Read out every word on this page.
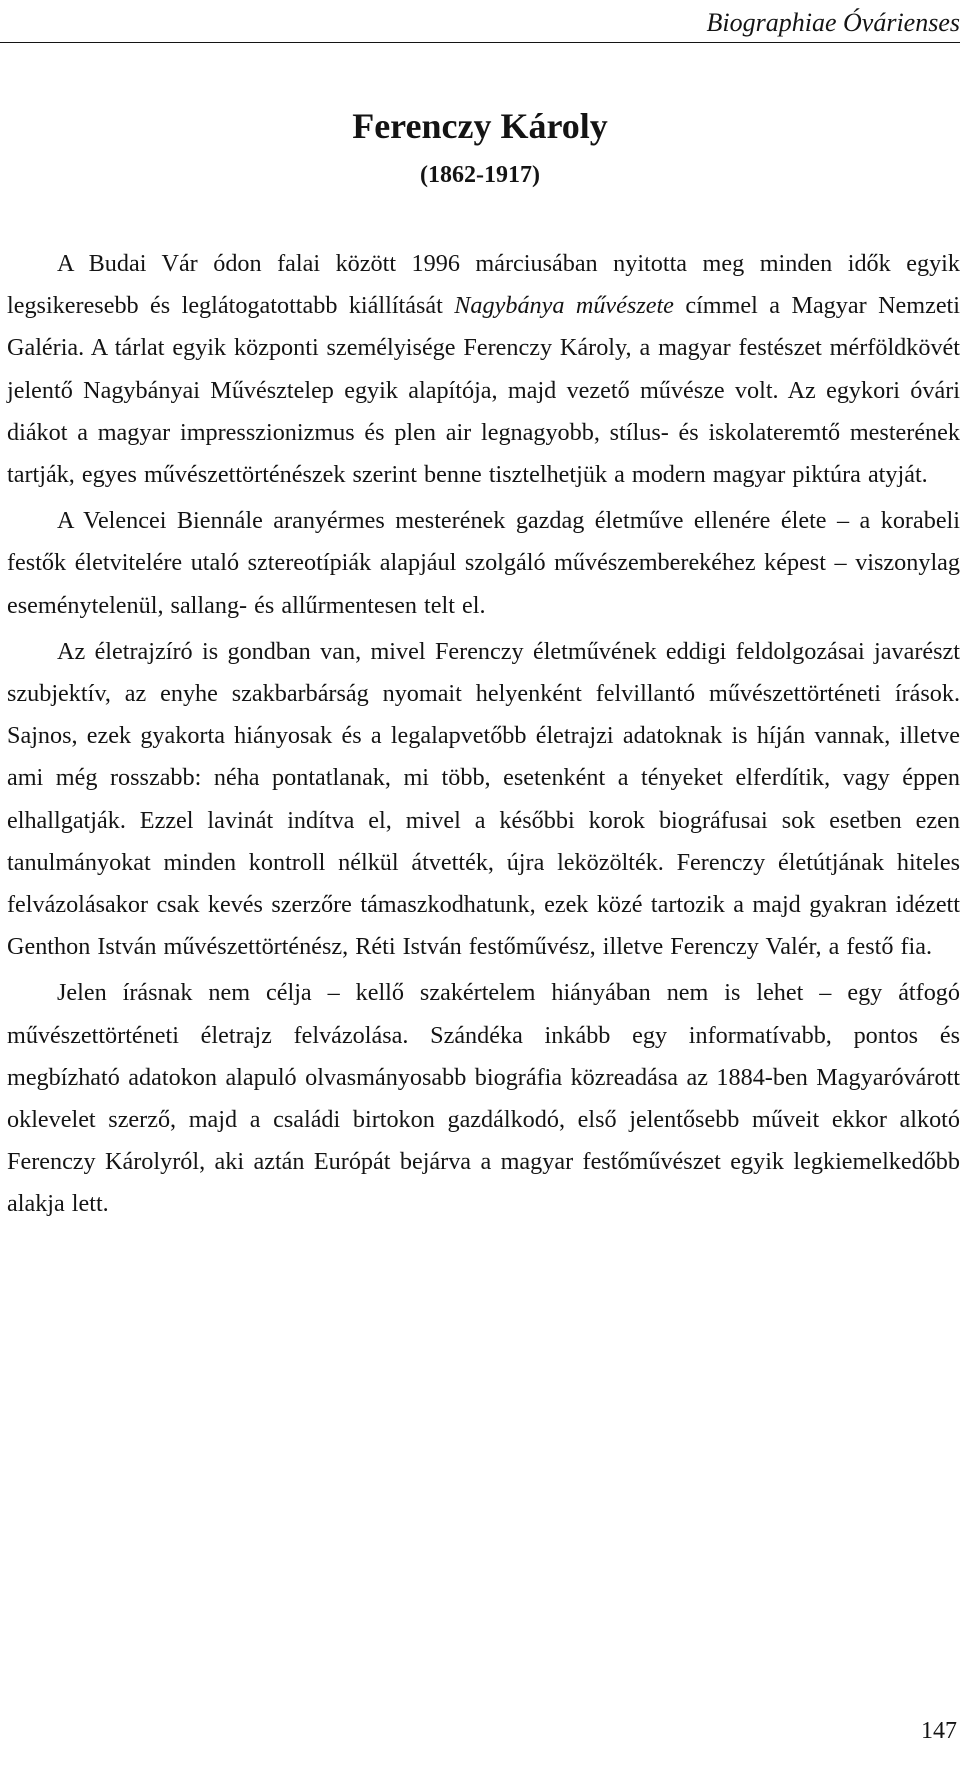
Biographiae Óvárienses
Ferenczy Károly
(1862-1917)

A Budai Vár ódon falai között 1996 márciusában nyitotta meg minden idők egyik legsikeresebb és leglátogatottabb kiállítását Nagybánya művészete címmel a Magyar Nemzeti Galéria. A tárlat egyik központi személyisége Ferenczy Károly, a magyar festészet mérföldkövét jelentő Nagybányai Művésztelep egyik alapítója, majd vezető művésze volt. Az egykori óvári diákot a magyar impresszionizmus és plen air legnagyobb, stílus- és iskolateremtő mesterének tartják, egyes művészettörténészek szerint benne tisztelhetjük a modern magyar piktúra atyját.

A Velencei Biennále aranyérmes mesterének gazdag életműve ellenére élete – a korabeli festők életvitelére utaló sztereotípiák alapjául szolgáló művészemberekéhez képest – viszonylag eseménytelenül, sallang- és allűrmentesen telt el.

Az életrajzíró is gondban van, mivel Ferenczy életművének eddigi feldolgozásai javarészt szubjektív, az enyhe szakbarbárság nyomait helyenként felvillantó művészettörténeti írások. Sajnos, ezek gyakorta hiányosak és a legalapvetőbb életrajzi adatoknak is híján vannak, illetve ami még rosszabb: néha pontatlanak, mi több, esetenként a tényeket elferdítik, vagy éppen elhallgatják. Ezzel lavinát indítva el, mivel a későbbi korok biográfusai sok esetben ezen tanulmányokat minden kontroll nélkül átvették, újra leközölték. Ferenczy életútjának hiteles felvázolásakor csak kevés szerzőre támaszkodhatunk, ezek közé tartozik a majd gyakran idézett Genthon István művészettörténész, Réti István festőművész, illetve Ferenczy Valér, a festő fia.

Jelen írásnak nem célja – kellő szakértelem hiányában nem is lehet – egy átfogó művészettörténeti életrajz felvázolása. Szándéka inkább egy informatívabb, pontos és megbízható adatokon alapuló olvasmányosabb biográfia közreadása az 1884-ben Magyaróvárott oklevelet szerző, majd a családi birtokon gazdálkodó, első jelentősebb műveit ekkor alkotó Ferenczy Károlyról, aki aztán Európát bejárva a magyar festőművészet egyik legkiemelkedőbb alakja lett.

147
